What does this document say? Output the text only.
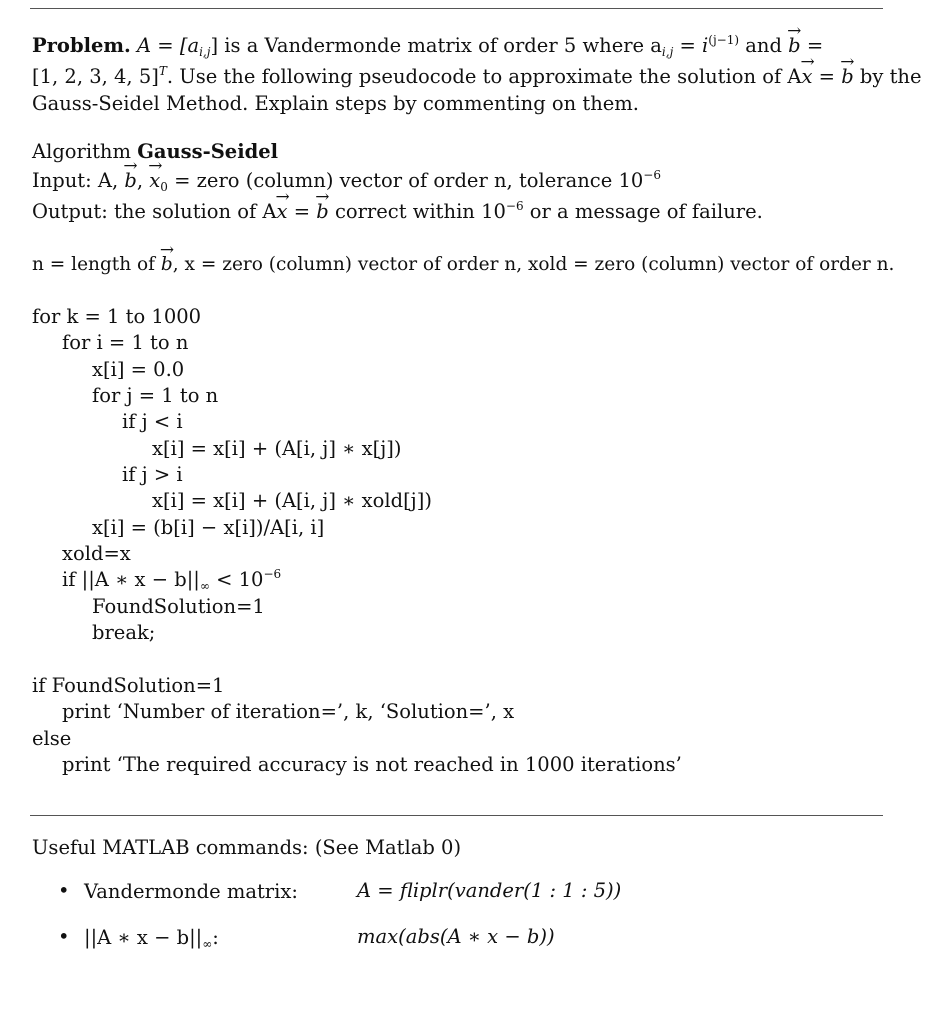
Problem. $A = [a_{i,j}]$ is a Vandermonde matrix of order 5 where $a_{i,j} = i^{(j-1)}$ and → b =
[1, 2, 3, 4, 5]$^T$. Use the following pseudocode to approximate the solution of A→ x = → b by the
Gauss-Seidel Method. Explain steps by commenting on them.
Algorithm Gauss-Seidel
Input: A, → b, → $x_0$ = zero (column) vector of order n, tolerance $10^{-6}$
Output: the solution of A→ x = → b correct within $10^{-6}$ or a message of failure.
n = length of → b, x = zero (column) vector of order n, xold = zero (column) vector of order n.
for k = 1 to 1000
for i = 1 to n
x[i] = 0.0
for j = 1 to n
if j < i
x[i] = x[i] + (A[i, j] ∗ x[j])
if j > i
x[i] = x[i] + (A[i, j] ∗ xold[j])
x[i] = (b[i] − x[i])/A[i, i]
xold=x
if ||A ∗ $x - b||_\infty < 10^{-6}$
FoundSolution=1
break;
if FoundSolution=1
print ‘Number of iteration=’, k, ‘Solution=’, x
else
print ‘The required accuracy is not reached in 1000 iterations’
Useful MATLAB commands: (See Matlab 0)
• Vandermonde matrix:	A = fliplr(vander(1 : 1 : 5))
• ||A ∗ $x - b||_\infty$:	max(abs(A ∗ x − b))
